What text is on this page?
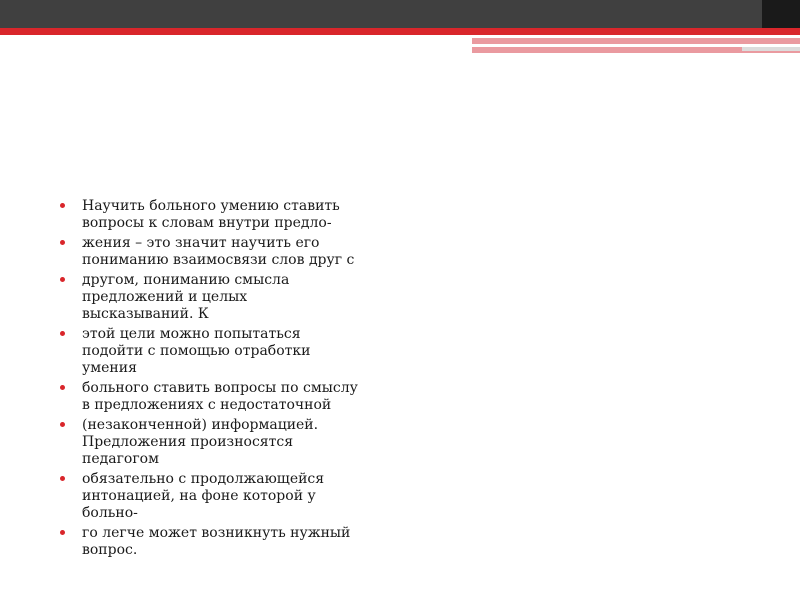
Научить больного умению ставить
вопросы к словам внутри предло-
жения – это значит научить его
пониманию взаимосвязи слов друг с
другом, пониманию смысла
предложений и целых
высказываний. К
этой цели можно попытаться
подойти с помощью отработки
умения
больного ставить вопросы по смыслу
в предложениях с недостаточной
(незаконченной) информацией.
Предложения произносятся
педагогом
обязательно с продолжающейся
интонацией, на фоне которой у
больно-
го легче может возникнуть нужный
вопрос.
